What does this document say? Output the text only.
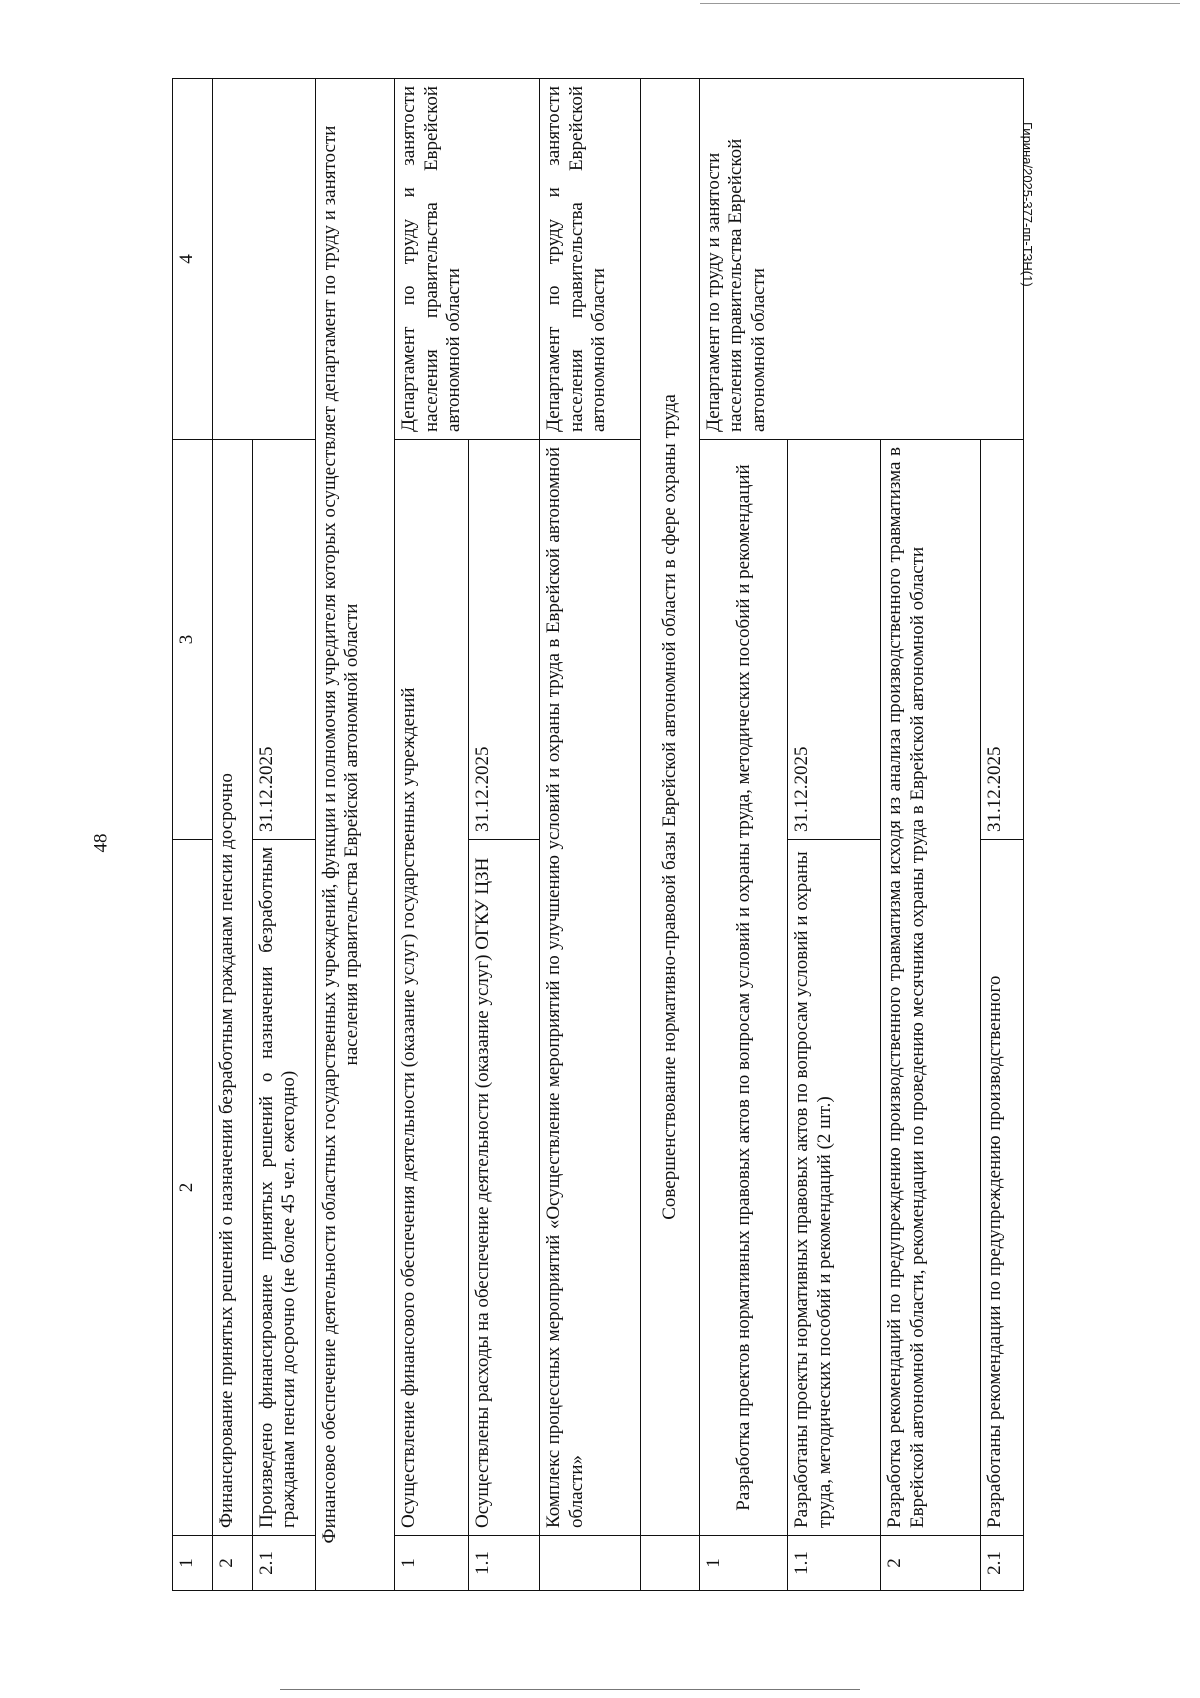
48
Гирина/2025-377-пп-ТЗН(1)
1	2	3	4
2	Финансирование принятых решений о назначении безработным гражданам пенсии досрочно		
2.1	Произведено финансирование принятых решений о назначении безработным гражданам пенсии досрочно (не более 45 чел. ежегодно)	31.12.2025	
Финансовое обеспечение деятельности областных государственных учреждений, функции и полномочия учредителя которых осуществляет департамент по труду и занятости населения правительства Еврейской автономной области			
1	Осуществление финансового обеспечения деятельности (оказание услуг) государственных учреждений		Департамент по труду и занятости населения правительства Еврейской автономной области
1.1	Осуществлены расходы на обеспечение деятельности (оказание услуг) ОГКУ ЦЗН	31.12.2025	
	Комплекс процессных мероприятий «Осуществление мероприятий по улучшению условий и охраны труда в Еврейской автономной области»		Департамент по труду и занятости населения правительства Еврейской автономной области
	Совершенствование нормативно-правовой базы Еврейской автономной области в сфере охраны труда		
1	Разработка проектов нормативных правовых актов по вопросам условий и охраны труда, методических пособий и рекомендаций		Департамент по труду и занятости населения правительства Еврейской автономной области
1.1	Разработаны проекты нормативных правовых актов по вопросам условий и охраны труда, методических пособий и рекомендаций (2 шт.)	31.12.2025	
2	Разработка рекомендаций по предупреждению производственного травматизма исходя из анализа производственного травматизма в Еврейской автономной области, рекомендации по проведению месячника охраны труда в Еврейской автономной области		
2.1	Разработаны рекомендации по предупреждению производственного	31.12.2025	
